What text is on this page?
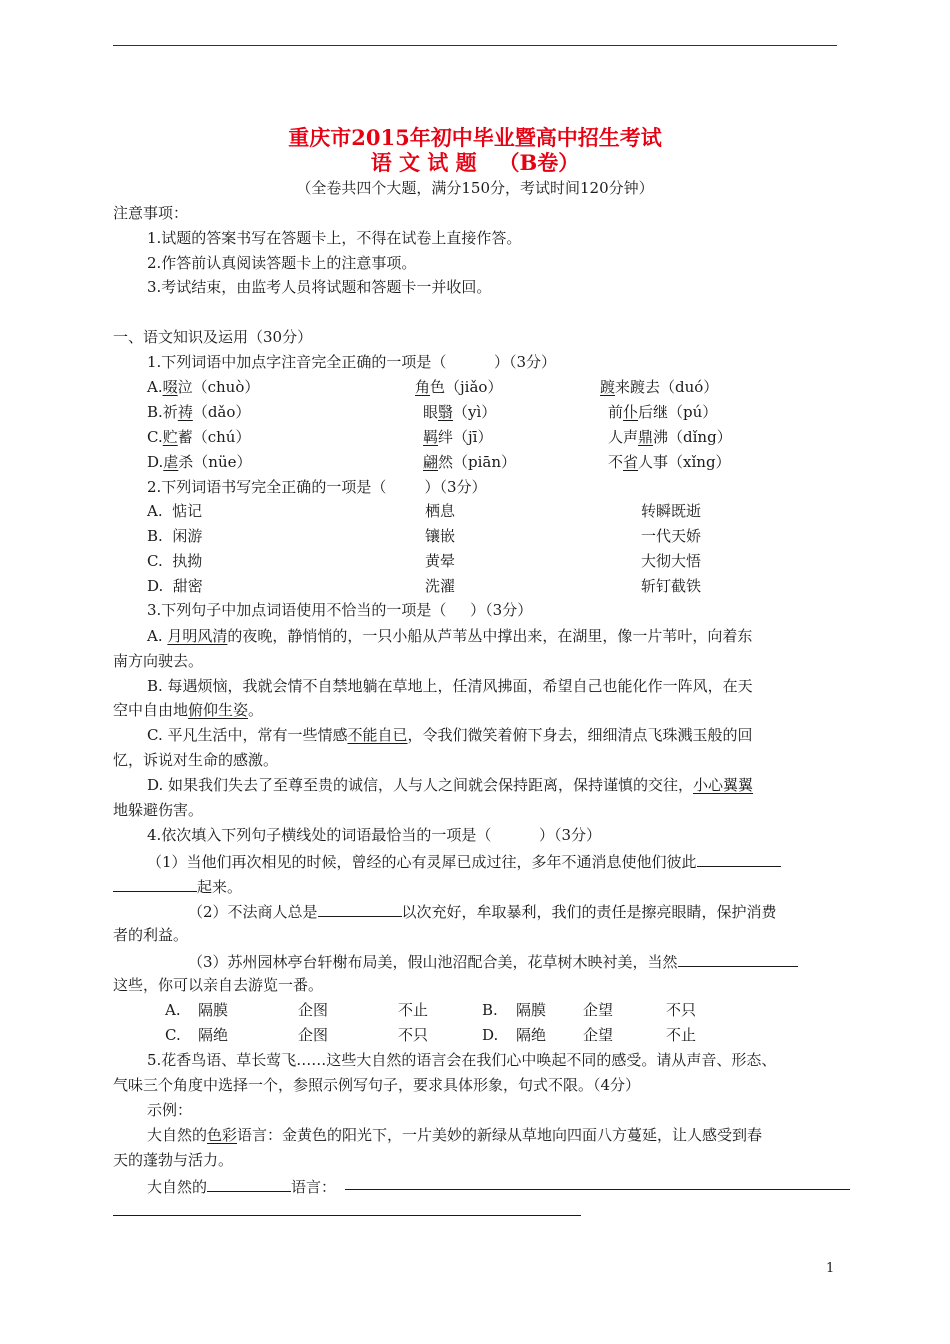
重庆市2015年初中毕业暨高中招生考试
语 文 试 题   （B卷）
（全卷共四个大题，满分150分，考试时间120分钟）
注意事项：
1.试题的答案书写在答题卡上，不得在试卷上直接作答。
2.作答前认真阅读答题卡上的注意事项。
3.考试结束，由监考人员将试题和答题卡一并收回。
一、语文知识及运用（30分）
1.下列词语中加点字注音完全正确的一项是（          ）（3分）
A.啜泣（chuò）	角色（jiǎo）	踱来踱去（duó）
B.祈祷（dǎo）	眼翳（yì）	前仆后继（pú）
C.贮蓄（chú）	羁绊（jī）	人声鼎沸（dǐng）
D.虐杀（nüe）	翩然（piān）	不省人事（xǐng）
2.下列词语书写完全正确的一项是（        ）（3分）
A.  惦记	栖息	转瞬既逝
B.  闲游	镶嵌	一代天娇
C.  执拗	黄晕	大彻大悟
D.  甜密	洗濯	斩钉截铁
3.下列句子中加点词语使用不恰当的一项是（     ）（3分）
A. 月明风清的夜晚，静悄悄的，一只小船从芦苇丛中撑出来，在湖里，像一片苇叶，向着东
南方向驶去。
B. 每遇烦恼，我就会情不自禁地躺在草地上，任清风拂面，希望自己也能化作一阵风，在天
空中自由地俯仰生姿。
C. 平凡生活中，常有一些情感不能自已，令我们微笑着俯下身去，细细清点飞珠溅玉般的回
忆，诉说对生命的感激。
D. 如果我们失去了至尊至贵的诚信，人与人之间就会保持距离，保持谨慎的交往，小心翼翼
地躲避伤害。
4.依次填入下列句子横线处的词语最恰当的一项是（          ）（3分）
（1）当他们再次相见的时候，曾经的心有灵犀已成过往，多年不通消息使他们彼此
起来。
（2）不法商人总是	以次充好，牟取暴利，我们的责任是擦亮眼睛，保护消费
者的利益。
（3）苏州园林亭台轩榭布局美，假山池沼配合美，花草树木映衬美，当然
这些，你可以亲自去游览一番。
A. 隔膜	企图	不止	B. 隔膜 企望	不只
C. 隔绝	企图	不只	D. 隔绝 企望	不止
5.花香鸟语、草长莺飞……这些大自然的语言会在我们心中唤起不同的感受。请从声音、形态、
气味三个角度中选择一个，参照示例写句子，要求具体形象，句式不限。（4分）
示例：
大自然的色彩语言：金黄色的阳光下，一片美妙的新绿从草地向四面八方蔓延，让人感受到春
天的蓬勃与活力。
大自然的	语言：
1
